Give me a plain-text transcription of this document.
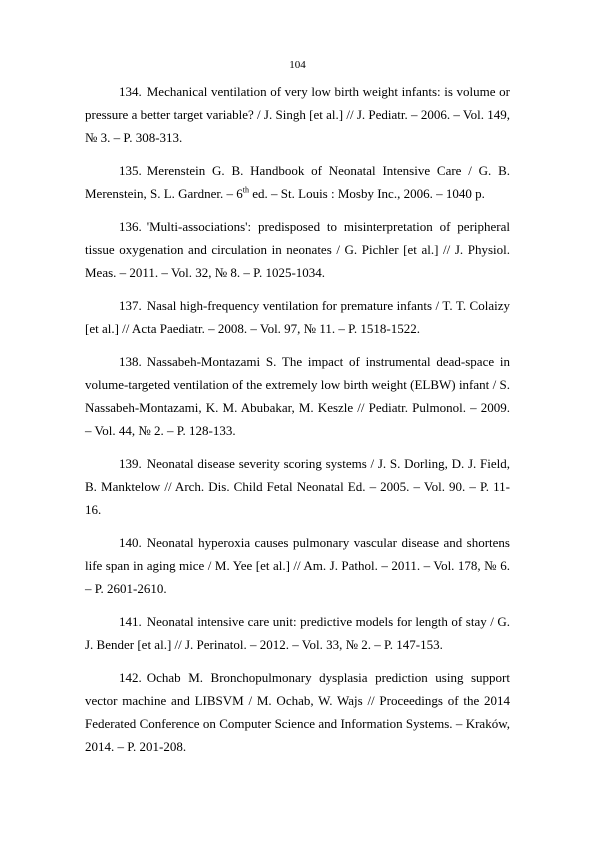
104

134. Mechanical ventilation of very low birth weight infants: is volume or pressure a better target variable? / J. Singh [et al.] // J. Pediatr. – 2006. – Vol. 149, № 3. – P. 308-313.

135. Merenstein G. B. Handbook of Neonatal Intensive Care / G. B. Merenstein, S. L. Gardner. – 6th ed. – St. Louis : Mosby Inc., 2006. – 1040 p.

136. 'Multi-associations': predisposed to misinterpretation of peripheral tissue oxygenation and circulation in neonates / G. Pichler [et al.] // J. Physiol. Meas. – 2011. – Vol. 32, № 8. – P. 1025-1034.

137. Nasal high-frequency ventilation for premature infants / T. T. Colaizy [et al.] // Acta Paediatr. – 2008. – Vol. 97, № 11. – P. 1518-1522.

138. Nassabeh-Montazami S. The impact of instrumental dead-space in volume-targeted ventilation of the extremely low birth weight (ELBW) infant / S. Nassabeh-Montazami, K. M. Abubakar, M. Keszle // Pediatr. Pulmonol. – 2009. – Vol. 44, № 2. – P. 128-133.

139. Neonatal disease severity scoring systems / J. S. Dorling, D. J. Field, B. Manktelow // Arch. Dis. Child Fetal Neonatal Ed. – 2005. – Vol. 90. – P. 11-16.

140. Neonatal hyperoxia causes pulmonary vascular disease and shortens life span in aging mice / M. Yee [et al.] // Am. J. Pathol. – 2011. – Vol. 178, № 6. – P. 2601-2610.

141. Neonatal intensive care unit: predictive models for length of stay / G. J. Bender [et al.] // J. Perinatol. – 2012. – Vol. 33, № 2. – P. 147-153.

142. Ochab M. Bronchopulmonary dysplasia prediction using support vector machine and LIBSVM / M. Ochab, W. Wajs // Proceedings of the 2014 Federated Conference on Computer Science and Information Systems. – Kraków, 2014. – P. 201-208.
